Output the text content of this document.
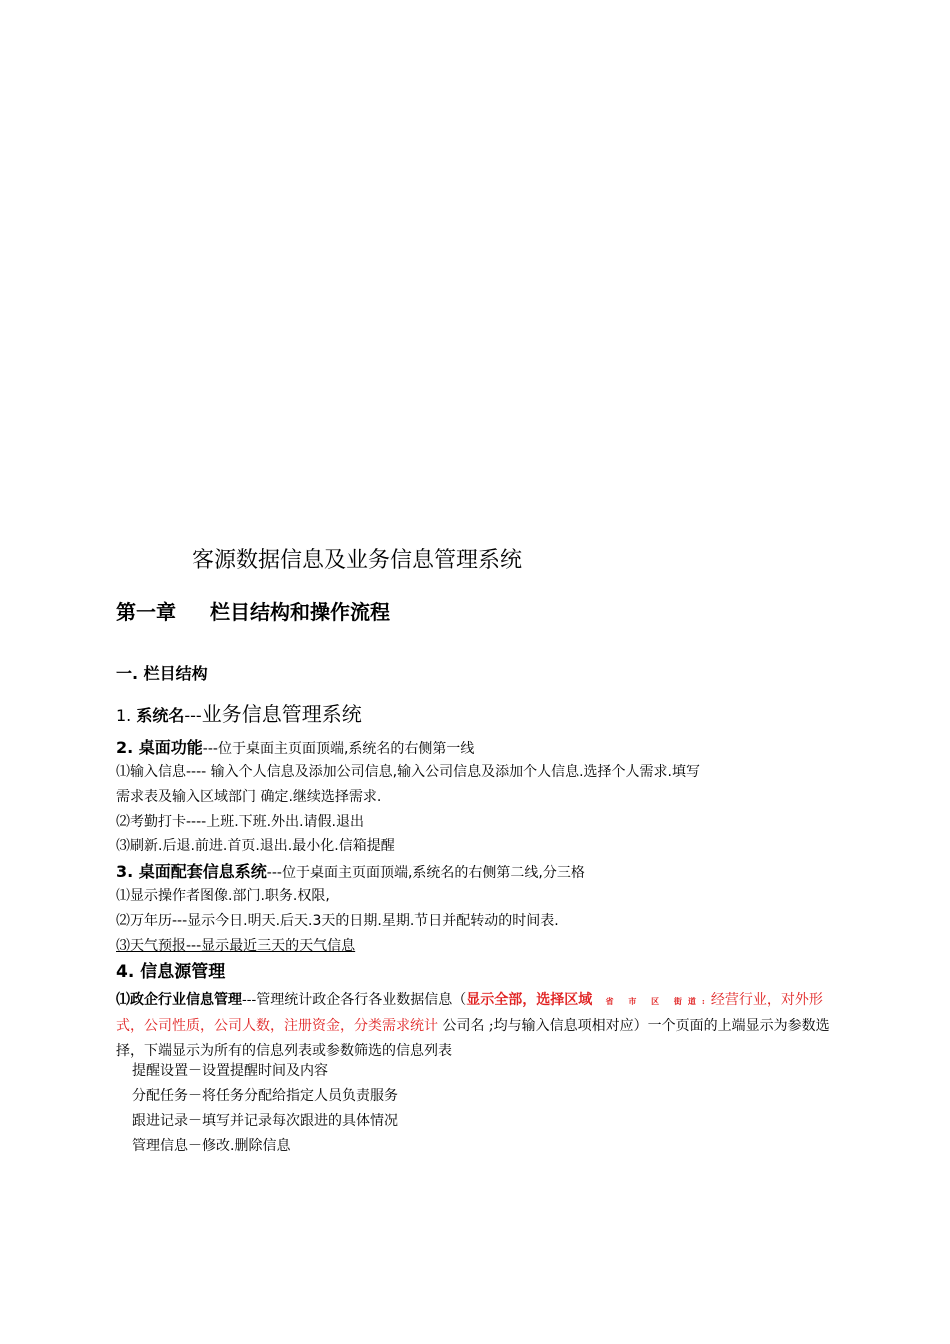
客源数据信息及业务信息管理系统
第一章 栏目结构和操作流程
一. 栏目结构
1. 系统名---业务信息管理系统
2. 桌面功能---位于桌面主页面顶端,系统名的右侧第一线
⑴输入信息---- 输入个人信息及添加公司信息,输入公司信息及添加个人信息.选择个人需求.填写
需求表及输入区域部门 确定.继续选择需求.
⑵考勤打卡----上班.下班.外出.请假.退出
⑶刷新.后退.前进.首页.退出.最小化.信箱提醒
3. 桌面配套信息系统---位于桌面主页面顶端,系统名的右侧第二线,分三格
⑴显示操作者图像.部门.职务.权限,
⑵万年历---显示今日.明天.后天.3天的日期.星期.节日并配转动的时间表.
⑶天气预报---显示最近三天的天气信息
4. 信息源管理
⑴政企行业信息管理---管理统计政企各行各业数据信息（显示全部，选择区域 省 市 区 街道:经营行业，对外形式，公司性质，公司人数，注册资金，分类需求统计 公司名 ;均与输入信息项相对应）一个页面的上端显示为参数选择，下端显示为所有的信息列表或参数筛选的信息列表
提醒设置－设置提醒时间及内容
分配任务－将任务分配给指定人员负责服务
跟进记录－填写并记录每次跟进的具体情况
管理信息－修改.删除信息
